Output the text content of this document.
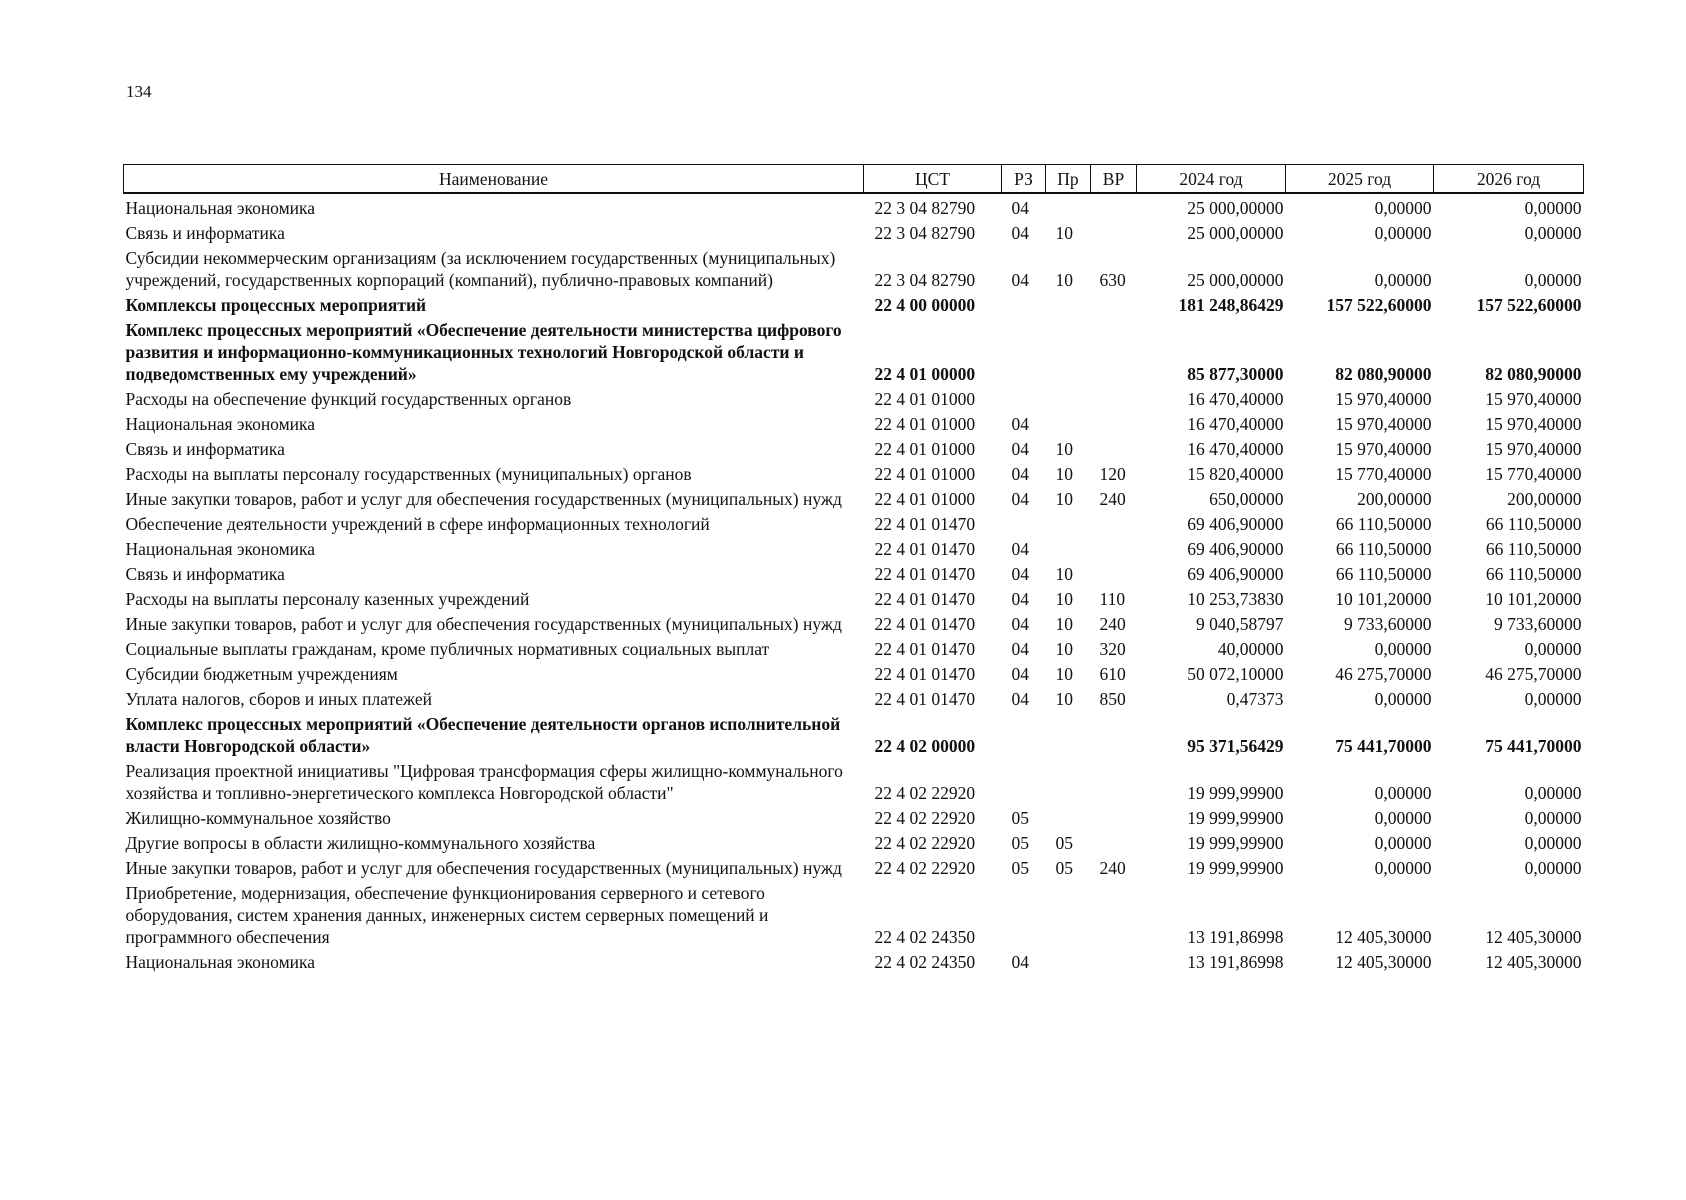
134
Наименование	ЦСТ	РЗ	Пр	ВР	2024 год	2025 год	2026 год
Национальная экономика	22 3 04 82790	04			25 000,00000	0,00000	0,00000
Связь и информатика	22 3 04 82790	04	10		25 000,00000	0,00000	0,00000
Субсидии некоммерческим организациям (за исключением государственных (муниципальных) учреждений, государственных корпораций (компаний), публично-правовых компаний)	22 3 04 82790	04	10	630	25 000,00000	0,00000	0,00000
Комплексы процессных мероприятий	22 4 00 00000				181 248,86429	157 522,60000	157 522,60000
Комплекс процессных мероприятий «Обеспечение деятельности министерства цифрового развития и информационно-коммуникационных технологий Новгородской области и подведомственных ему учреждений»	22 4 01 00000				85 877,30000	82 080,90000	82 080,90000
Расходы на обеспечение функций государственных органов	22 4 01 01000				16 470,40000	15 970,40000	15 970,40000
Национальная экономика	22 4 01 01000	04			16 470,40000	15 970,40000	15 970,40000
Связь и информатика	22 4 01 01000	04	10		16 470,40000	15 970,40000	15 970,40000
Расходы на выплаты персоналу государственных (муниципальных) органов	22 4 01 01000	04	10	120	15 820,40000	15 770,40000	15 770,40000
Иные закупки товаров, работ и услуг для обеспечения государственных (муниципальных) нужд	22 4 01 01000	04	10	240	650,00000	200,00000	200,00000
Обеспечение деятельности учреждений в сфере информационных технологий	22 4 01 01470				69 406,90000	66 110,50000	66 110,50000
Национальная экономика	22 4 01 01470	04			69 406,90000	66 110,50000	66 110,50000
Связь и информатика	22 4 01 01470	04	10		69 406,90000	66 110,50000	66 110,50000
Расходы на выплаты персоналу казенных учреждений	22 4 01 01470	04	10	110	10 253,73830	10 101,20000	10 101,20000
Иные закупки товаров, работ и услуг для обеспечения государственных (муниципальных) нужд	22 4 01 01470	04	10	240	9 040,58797	9 733,60000	9 733,60000
Социальные выплаты гражданам, кроме публичных нормативных социальных выплат	22 4 01 01470	04	10	320	40,00000	0,00000	0,00000
Субсидии бюджетным учреждениям	22 4 01 01470	04	10	610	50 072,10000	46 275,70000	46 275,70000
Уплата налогов, сборов и иных платежей	22 4 01 01470	04	10	850	0,47373	0,00000	0,00000
Комплекс процессных мероприятий «Обеспечение деятельности органов исполнительной власти Новгородской области»	22 4 02 00000				95 371,56429	75 441,70000	75 441,70000
Реализация проектной инициативы "Цифровая трансформация сферы жилищно-коммунального хозяйства и топливно-энергетического комплекса Новгородской области"	22 4 02 22920				19 999,99900	0,00000	0,00000
Жилищно-коммунальное хозяйство	22 4 02 22920	05			19 999,99900	0,00000	0,00000
Другие вопросы в области жилищно-коммунального хозяйства	22 4 02 22920	05	05		19 999,99900	0,00000	0,00000
Иные закупки товаров, работ и услуг для обеспечения государственных (муниципальных) нужд	22 4 02 22920	05	05	240	19 999,99900	0,00000	0,00000
Приобретение, модернизация, обеспечение функционирования серверного и сетевого оборудования, систем хранения данных, инженерных систем серверных помещений и программного обеспечения	22 4 02 24350				13 191,86998	12 405,30000	12 405,30000
Национальная экономика	22 4 02 24350	04			13 191,86998	12 405,30000	12 405,30000
